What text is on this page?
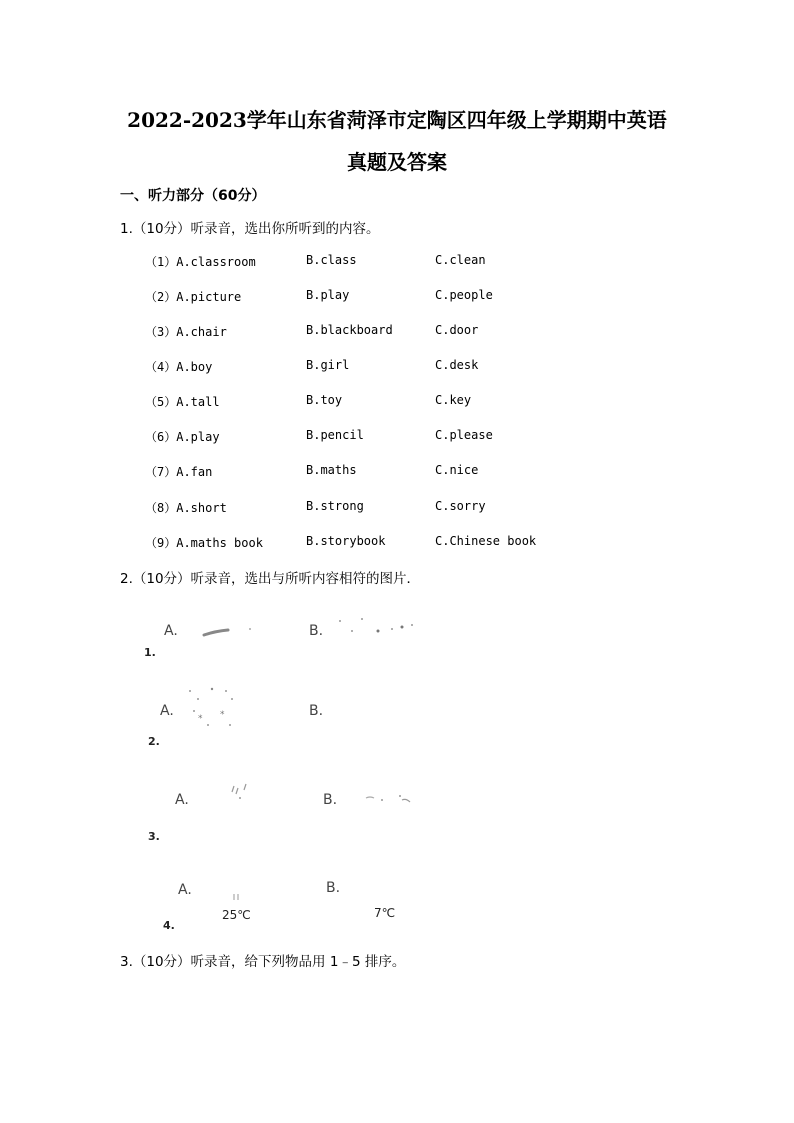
2022-2023学年山东省菏泽市定陶区四年级上学期期中英语
真题及答案
一、听力部分（60分）
1.（10分）听录音，选出你所听到的内容。
（1）A.classroom	B.class	C.clean
（2）A.picture	B.play	C.people
（3）A.chair	B.blackboard	C.door
（4）A.boy	B.girl	C.desk
（5）A.tall	B.toy	C.key
（6）A.play	B.pencil	C.please
（7）A.fan	B.maths	C.nice
（8）A.short	B.strong	C.sorry
（9）A.maths book	B.storybook	C.Chinese book
2.（10分）听录音，选出与所听内容相符的图片．
A.	B.
1.
A.	* *	B.
2.
A.	B.
3.
A.
25℃
B.
7℃
4.
3.（10分）听录音，给下列物品用 1﹣5 排序。
